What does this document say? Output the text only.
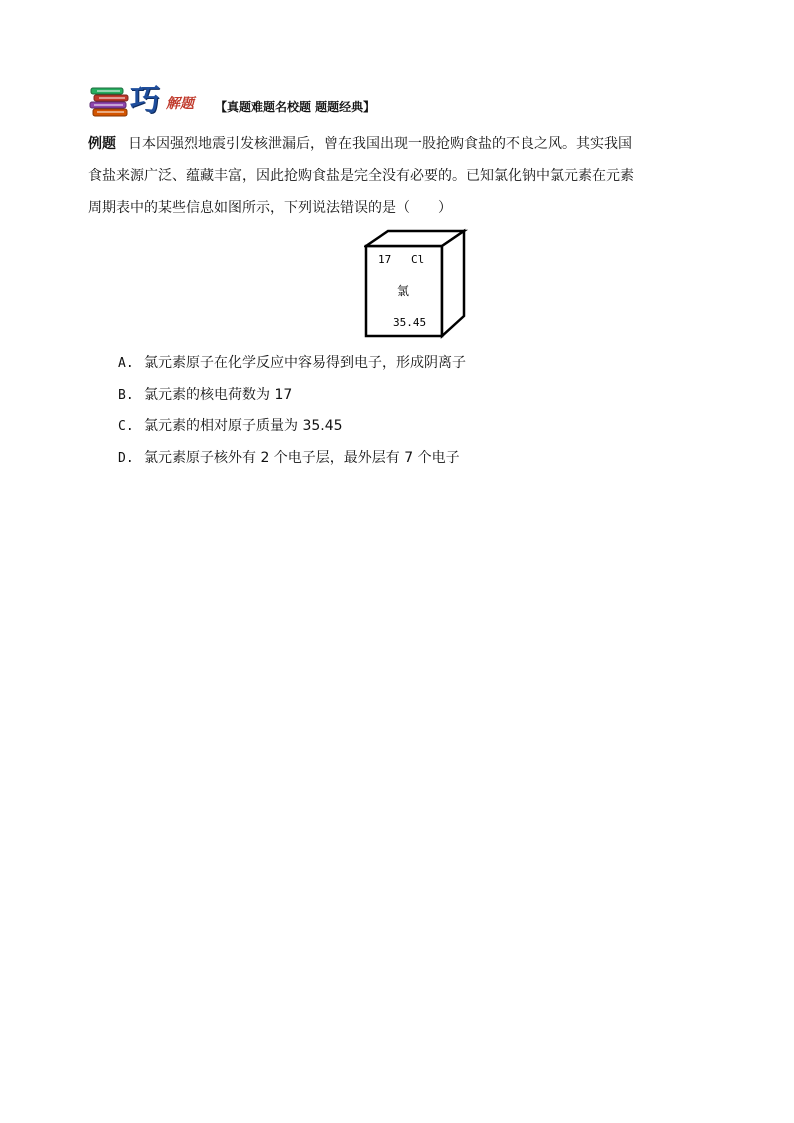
巧 解题 【真题难题名校题 题题经典】

例题 日本因强烈地震引发核泄漏后，曾在我国出现一股抢购食盐的不良之风。其实我国

食盐来源广泛、蕴藏丰富，因此抢购食盐是完全没有必要的。已知氯化钠中氯元素在元素

周期表中的某些信息如图所示，下列说法错误的是（　　）

17 Cl
氯
35.45
A. 氯元素原子在化学反应中容易得到电子，形成阴离子
B. 氯元素的核电荷数为 17
C. 氯元素的相对原子质量为 35.45
D. 氯元素原子核外有 2 个电子层，最外层有 7 个电子
